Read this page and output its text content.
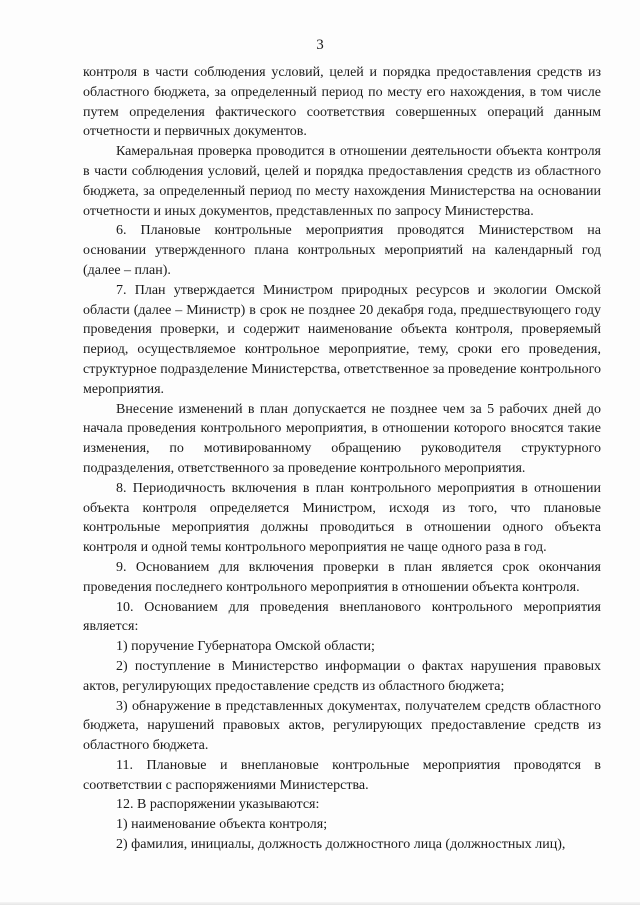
3

контроля в части соблюдения условий, целей и порядка предоставления средств из областного бюджета, за определенный период по месту его нахождения, в том числе путем определения фактического соответствия совершенных операций данным отчетности и первичных документов.

Камеральная проверка проводится в отношении деятельности объекта контроля в части соблюдения условий, целей и порядка предоставления средств из областного бюджета, за определенный период по месту нахождения Министерства на основании отчетности и иных документов, представленных по запросу Министерства.

6. Плановые контрольные мероприятия проводятся Министерством на основании утвержденного плана контрольных мероприятий на календарный год (далее – план).

7. План утверждается Министром природных ресурсов и экологии Омской области (далее – Министр) в срок не позднее 20 декабря года, предшествующего году проведения проверки, и содержит наименование объекта контроля, проверяемый период, осуществляемое контрольное мероприятие, тему, сроки его проведения, структурное подразделение Министерства, ответственное за проведение контрольного мероприятия.

Внесение изменений в план допускается не позднее чем за 5 рабочих дней до начала проведения контрольного мероприятия, в отношении которого вносятся такие изменения, по мотивированному обращению руководителя структурного подразделения, ответственного за проведение контрольного мероприятия.

8. Периодичность включения в план контрольного мероприятия в отношении объекта контроля определяется Министром, исходя из того, что плановые контрольные мероприятия должны проводиться в отношении одного объекта контроля и одной темы контрольного мероприятия не чаще одного раза в год.

9. Основанием для включения проверки в план является срок окончания проведения последнего контрольного мероприятия в отношении объекта контроля.

10. Основанием для проведения внепланового контрольного мероприятия является:

1) поручение Губернатора Омской области;

2) поступление в Министерство информации о фактах нарушения правовых актов, регулирующих предоставление средств из областного бюджета;

3) обнаружение в представленных документах, получателем средств областного бюджета, нарушений правовых актов, регулирующих предоставление средств из областного бюджета.

11. Плановые и внеплановые контрольные мероприятия проводятся в соответствии с распоряжениями Министерства.

12. В распоряжении указываются:

1) наименование объекта контроля;

2) фамилия, инициалы, должность должностного лица (должностных лиц),
